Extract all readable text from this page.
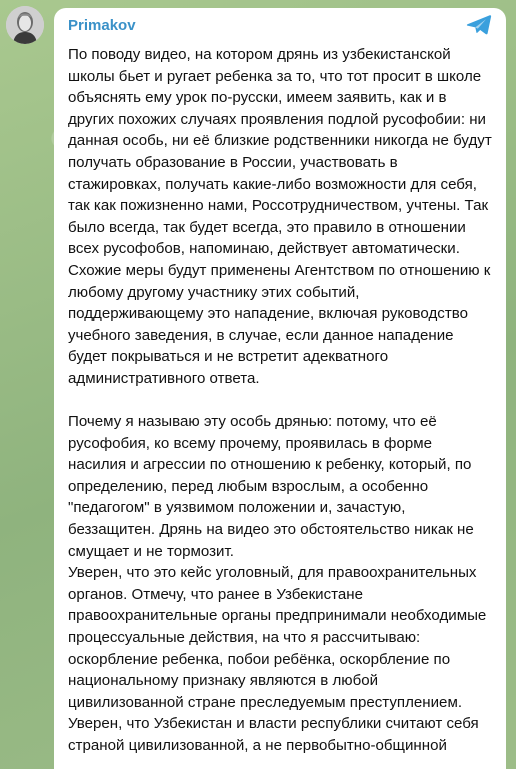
Primakov
По поводу видео, на котором дрянь из узбекистанской школы бьет и ругает ребенка за то, что тот просит в школе объяснять ему урок по-русски, имеем заявить, как и в других похожих случаях проявления подлой русофобии: ни данная особь, ни её близкие родственники никогда не будут получать образование в России, участвовать в стажировках, получать какие-либо возможности для себя, так как пожизненно нами, Россотрудничеством, учтены. Так было всегда, так будет всегда, это правило в отношении всех русофобов, напоминаю, действует автоматически. Схожие меры будут применены Агентством по отношению к любому другому участнику этих событий, поддерживающему это нападение, включая руководство учебного заведения, в случае, если данное нападение будет покрываться и не встретит адекватного административного ответа.
Почему я называю эту особь дрянью: потому, что её русофобия, ко всему прочему, проявилась в форме насилия и агрессии по отношению к ребенку, который, по определению, перед любым взрослым, а особенно "педагогом" в уязвимом положении и, зачастую, беззащитен. Дрянь на видео это обстоятельство никак не смущает и не тормозит.
Уверен, что это кейс уголовный, для правоохранительных органов. Отмечу, что ранее в Узбекистане правоохранительные органы предпринимали необходимые процессуальные действия, на что я рассчитываю: оскорбление ребенка, побои ребёнка, оскорбление по национальному признаку являются в любой цивилизованной стране преследуемым преступлением. Уверен, что Узбекистан и власти республики считают себя страной цивилизованной, а не первобытно-общинной
